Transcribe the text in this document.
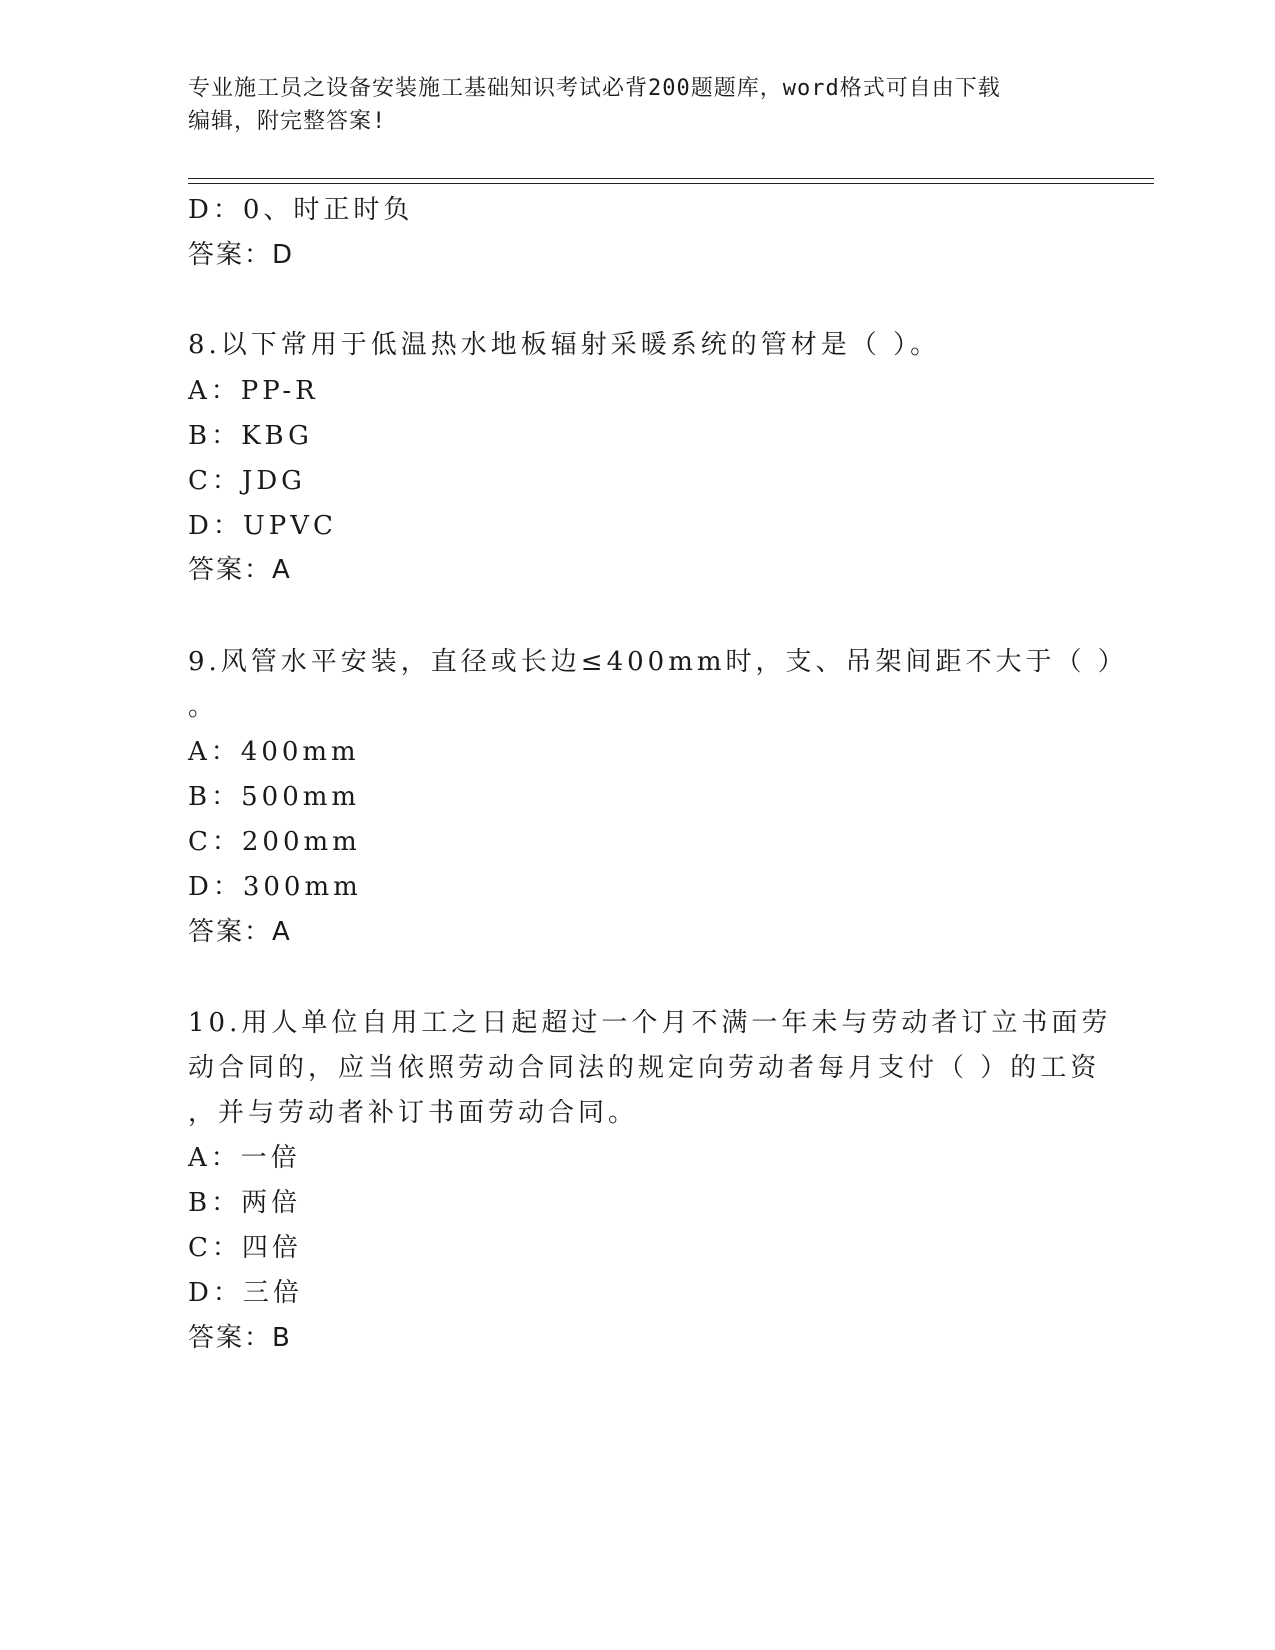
专业施工员之设备安装施工基础知识考试必背200题题库，word格式可自由下载
编辑，附完整答案!
D：0、时正时负
答案：D
8.以下常用于低温热水地板辐射采暖系统的管材是（ ）。
A：PP-R
B：KBG
C：JDG
D：UPVC
答案：A
9.风管水平安装，直径或长边≤400mm时，支、吊架间距不大于（ ）
。
A：400mm
B：500mm
C：200mm
D：300mm
答案：A
10.用人单位自用工之日起超过一个月不满一年未与劳动者订立书面劳
动合同的，应当依照劳动合同法的规定向劳动者每月支付（ ）的工资
，并与劳动者补订书面劳动合同。
A：一倍
B：两倍
C：四倍
D：三倍
答案：B
